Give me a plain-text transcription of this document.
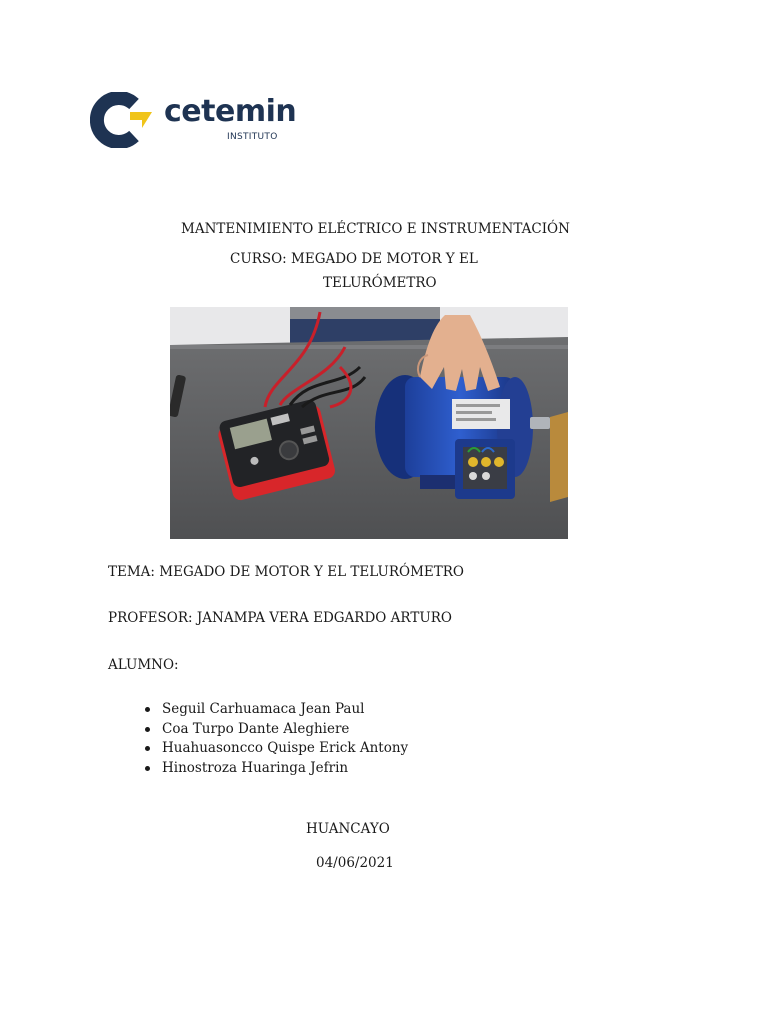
cetemin
INSTITUTO
MANTENIMIENTO ELÉCTRICO E INSTRUMENTACIÓN
CURSO: MEGADO DE MOTOR Y EL
TELURÓMETRO
TEMA: MEGADO DE MOTOR Y EL TELURÓMETRO
PROFESOR: JANAMPA VERA EDGARDO ARTURO
ALUMNO:
Seguil Carhuamaca Jean Paul
Coa Turpo Dante Aleghiere
Huahuasoncco Quispe Erick Antony
Hinostroza Huaringa Jefrin
HUANCAYO
04/06/2021
